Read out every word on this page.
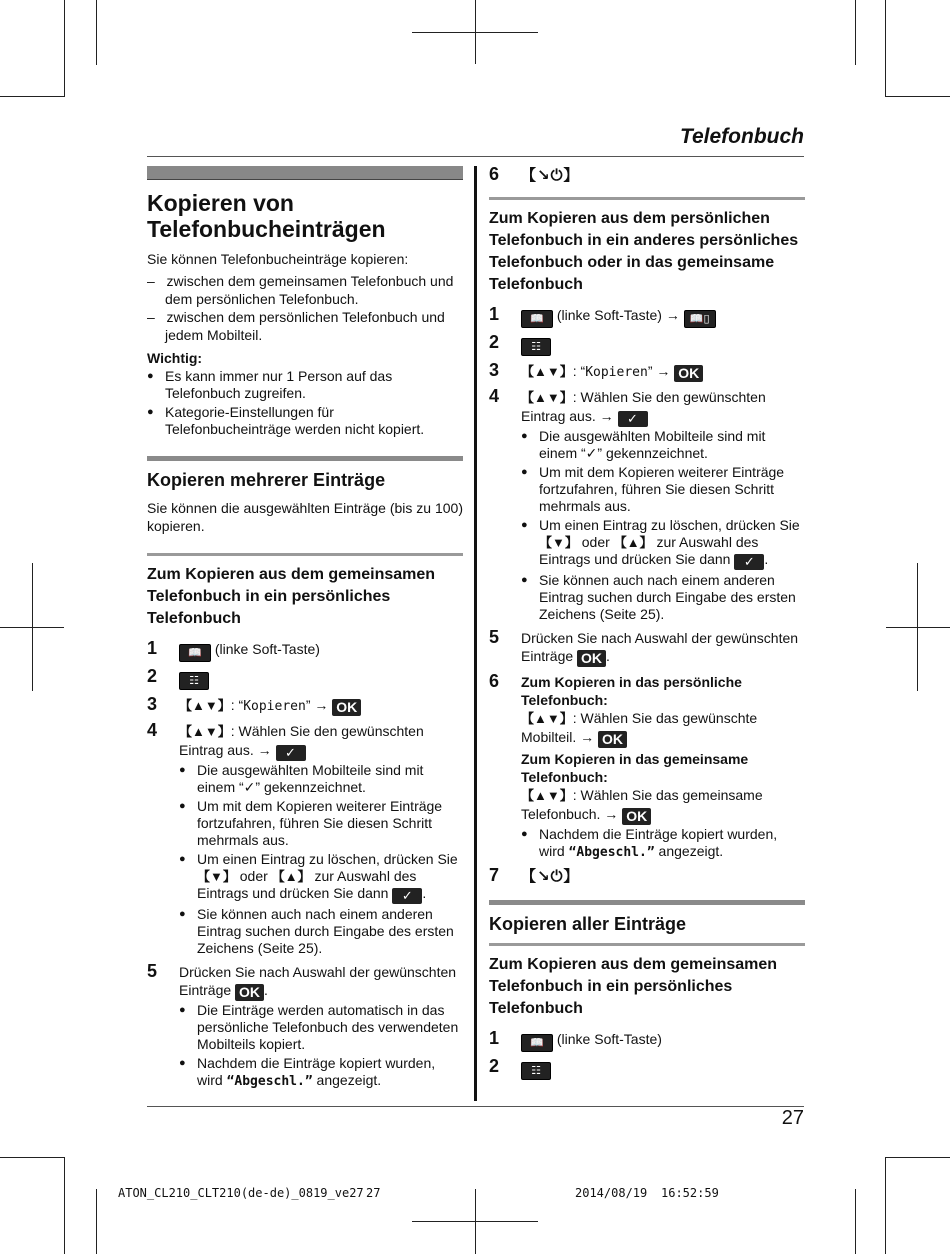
Telefonbuch
Kopieren von Telefonbucheinträgen

Sie können Telefonbucheinträge kopieren:

–   zwischen dem gemeinsamen Telefonbuch und dem persönlichen Telefonbuch.
–   zwischen dem persönlichen Telefonbuch und jedem Mobilteil.
Wichtig:
● Es kann immer nur 1 Person auf das Telefonbuch zugreifen.
● Kategorie-Einstellungen für Telefonbucheinträge werden nicht kopiert.
Kopieren mehrerer Einträge

Sie können die ausgewählten Einträge (bis zu 100) kopieren.

Zum Kopieren aus dem gemeinsamen Telefonbuch in ein persönliches Telefonbuch
1	📖 (linke Soft-Taste)
2	☷
3 【▲▼】: “Kopieren” → OK
4 【▲▼】: Wählen Sie den gewünschten Eintrag aus. → ✓
● Die ausgewählten Mobilteile sind mit einem “✓” gekennzeichnet.
● Um mit dem Kopieren weiterer Einträge fortzufahren, führen Sie diesen Schritt mehrmals aus.
● Um einen Eintrag zu löschen, drücken Sie 【▼】 oder 【▲】 zur Auswahl des Eintrags und drücken Sie dann ✓ .
● Sie können auch nach einem anderen Eintrag suchen durch Eingabe des ersten Zeichens (Seite 25).
5 Drücken Sie nach Auswahl der gewünschten Einträge OK .
● Die Einträge werden automatisch in das persönliche Telefonbuch des verwendeten Mobilteils kopiert.
● Nachdem die Einträge kopiert wurden, wird “Abgeschl.” angezeigt.
6 【↘⏻】
Zum Kopieren aus dem persönlichen Telefonbuch in ein anderes persönliches Telefonbuch oder in das gemeinsame Telefonbuch
1	📖 (linke Soft-Taste) → 📖▯
2	☷
3 【▲▼】: “Kopieren” → OK
4 【▲▼】: Wählen Sie den gewünschten Eintrag aus. → ✓
● Die ausgewählten Mobilteile sind mit einem “✓” gekennzeichnet.
● Um mit dem Kopieren weiterer Einträge fortzufahren, führen Sie diesen Schritt mehrmals aus.
● Um einen Eintrag zu löschen, drücken Sie 【▼】 oder 【▲】 zur Auswahl des Eintrags und drücken Sie dann ✓ .
● Sie können auch nach einem anderen Eintrag suchen durch Eingabe des ersten Zeichens (Seite 25).
5 Drücken Sie nach Auswahl der gewünschten Einträge OK .
6 Zum Kopieren in das persönliche Telefonbuch:
【▲▼】: Wählen Sie das gewünschte Mobilteil. → OK
Zum Kopieren in das gemeinsame Telefonbuch:
【▲▼】: Wählen Sie das gemeinsame Telefonbuch. → OK
● Nachdem die Einträge kopiert wurden, wird “Abgeschl.” angezeigt.
7 【↘⏻】
Kopieren aller Einträge
Zum Kopieren aus dem gemeinsamen Telefonbuch in ein persönliches Telefonbuch
1	📖 (linke Soft-Taste)
2	☷
27
ATON_CL210_CLT210(de-de)_0819_ve27 27	2014/08/19 16:52:59
